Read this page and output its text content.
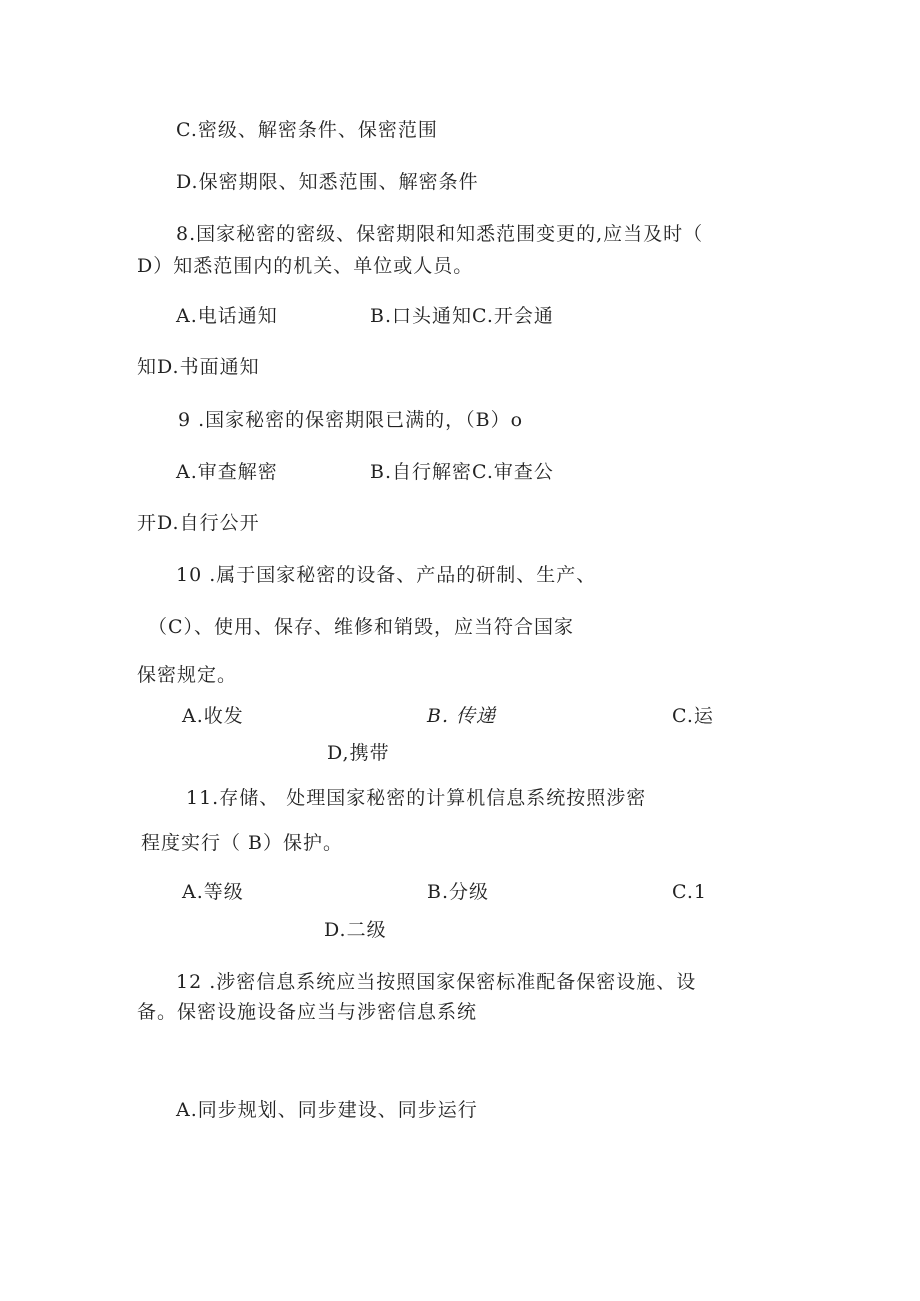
C.密级、解密条件、保密范围
D.保密期限、知悉范围、解密条件
8.国家秘密的密级、保密期限和知悉范围变更的,应当及时（
D）知悉范围内的机关、单位或人员。
A.电话通知	B.口头通知C.开会通
知D.书面通知
9 .国家秘密的保密期限已满的，（B）o
A.审查解密	B.自行解密C.审查公
开D.自行公开
10 .属于国家秘密的设备、产品的研制、生产、
（C）、使用、保存、维修和销毁，应当符合国家
保密规定。
A.收发	B. 传递	C.运
D,携带
11.存储、 处理国家秘密的计算机信息系统按照涉密
程度实行（ B）保护。
A.等级	B.分级	C.1
D.二级
12 .涉密信息系统应当按照国家保密标准配备保密设施、设
备。保密设施设备应当与涉密信息系统
A.同步规划、同步建设、同步运行
